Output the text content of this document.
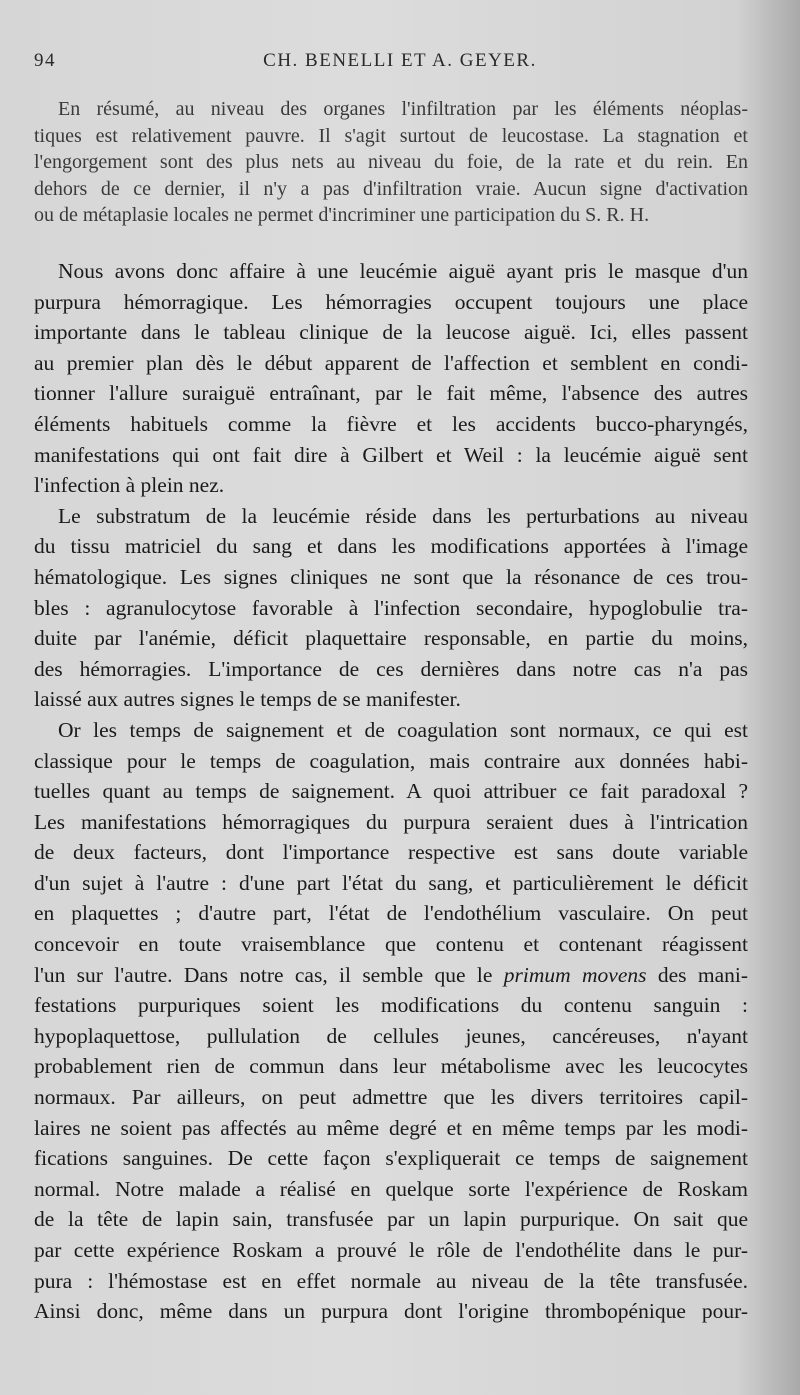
94	CH. BENELLI ET A. GEYER.
En résumé, au niveau des organes l'infiltration par les éléments néoplas-
tiques est relativement pauvre. Il s'agit surtout de leucostase. La stagnation et
l'engorgement sont des plus nets au niveau du foie, de la rate et du rein. En
dehors de ce dernier, il n'y a pas d'infiltration vraie. Aucun signe d'activation
ou de métaplasie locales ne permet d'incriminer une participation du S. R. H.

Nous avons donc affaire à une leucémie aiguë ayant pris le masque d'un
purpura hémorragique. Les hémorragies occupent toujours une place
importante dans le tableau clinique de la leucose aiguë. Ici, elles passent
au premier plan dès le début apparent de l'affection et semblent en condi-
tionner l'allure suraiguë entraînant, par le fait même, l'absence des autres
éléments habituels comme la fièvre et les accidents bucco-pharyngés,
manifestations qui ont fait dire à Gilbert et Weil : la leucémie aiguë sent
l'infection à plein nez.

Le substratum de la leucémie réside dans les perturbations au niveau
du tissu matriciel du sang et dans les modifications apportées à l'image
hématologique. Les signes cliniques ne sont que la résonance de ces trou-
bles : agranulocytose favorable à l'infection secondaire, hypoglobulie tra-
duite par l'anémie, déficit plaquettaire responsable, en partie du moins,
des hémorragies. L'importance de ces dernières dans notre cas n'a pas
laissé aux autres signes le temps de se manifester.

Or les temps de saignement et de coagulation sont normaux, ce qui est
classique pour le temps de coagulation, mais contraire aux données habi-
tuelles quant au temps de saignement. A quoi attribuer ce fait paradoxal ?
Les manifestations hémorragiques du purpura seraient dues à l'intrication
de deux facteurs, dont l'importance respective est sans doute variable
d'un sujet à l'autre : d'une part l'état du sang, et particulièrement le déficit
en plaquettes ; d'autre part, l'état de l'endothélium vasculaire. On peut
concevoir en toute vraisemblance que contenu et contenant réagissent
l'un sur l'autre. Dans notre cas, il semble que le primum movens des mani-
festations purpuriques soient les modifications du contenu sanguin :
hypoplaquettose, pullulation de cellules jeunes, cancéreuses, n'ayant
probablement rien de commun dans leur métabolisme avec les leucocytes
normaux. Par ailleurs, on peut admettre que les divers territoires capil-
laires ne soient pas affectés au même degré et en même temps par les modi-
fications sanguines. De cette façon s'expliquerait ce temps de saignement
normal. Notre malade a réalisé en quelque sorte l'expérience de Roskam
de la tête de lapin sain, transfusée par un lapin purpurique. On sait que
par cette expérience Roskam a prouvé le rôle de l'endothélite dans le pur-
pura : l'hémostase est en effet normale au niveau de la tête transfusée.
Ainsi donc, même dans un purpura dont l'origine thrombopénique pour-
